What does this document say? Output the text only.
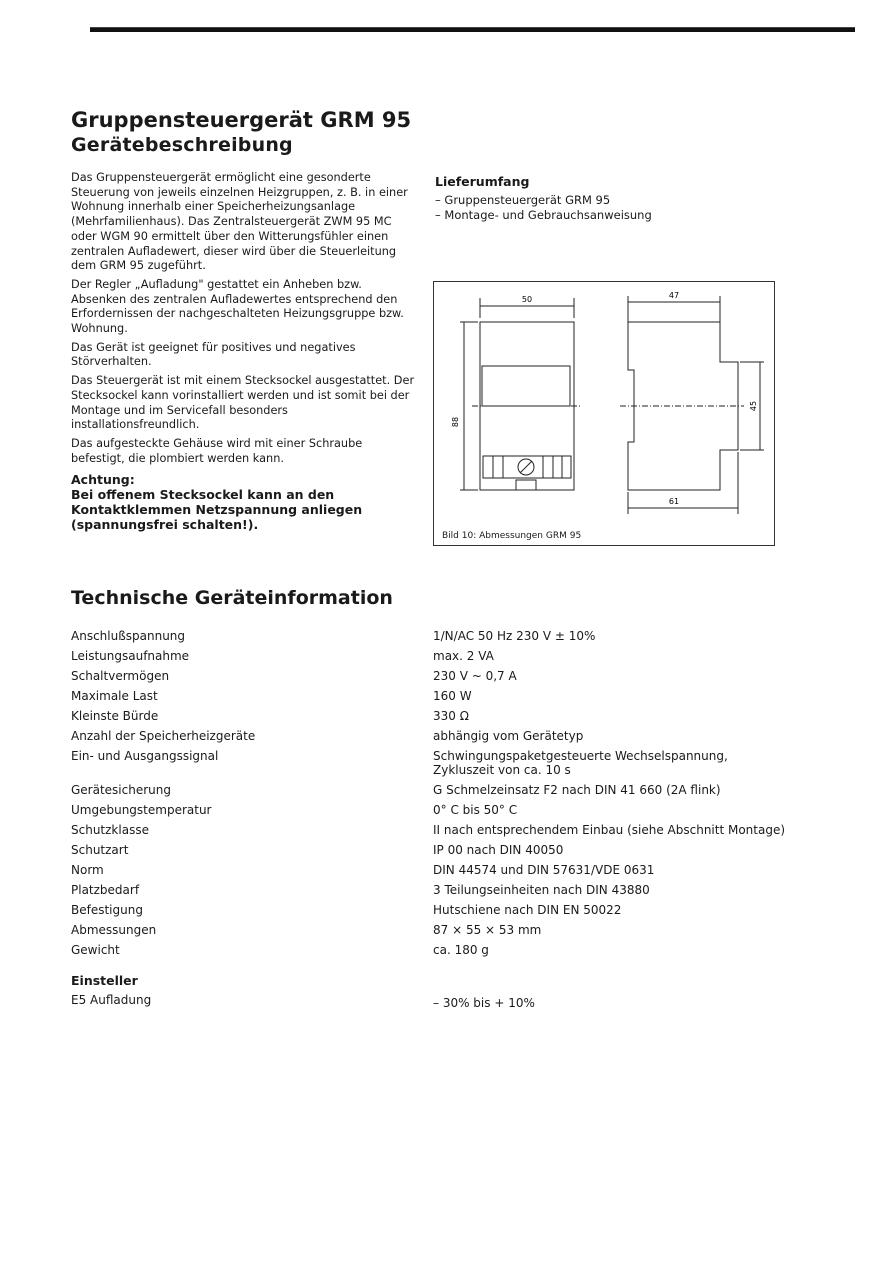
Gruppensteuergerät GRM 95
Gerätebeschreibung

Das Gruppensteuergerät ermöglicht eine gesonderte Steuerung von jeweils einzelnen Heizgruppen, z. B. in einer Wohnung innerhalb einer Speicherheizungsanlage (Mehrfamilienhaus). Das Zentralsteuergerät ZWM 95 MC oder WGM 90 ermittelt über den Witterungsfühler einen zentralen Aufladewert, dieser wird über die Steuerleitung dem GRM 95 zugeführt.

Der Regler „Aufladung" gestattet ein Anheben bzw. Absenken des zentralen Aufladewertes entsprechend den Erfordernissen der nachgeschalteten Heizungsgruppe bzw. Wohnung.

Das Gerät ist geeignet für positives und negatives Störverhalten.

Das Steuergerät ist mit einem Stecksockel ausgestattet. Der Stecksockel kann vorinstalliert werden und ist somit bei der Montage und im Servicefall besonders installationsfreundlich.

Das aufgesteckte Gehäuse wird mit einer Schraube befestigt, die plombiert werden kann.

Achtung:

Bei offenem Stecksockel kann an den Kontaktklemmen Netzspannung anliegen (spannungsfrei schalten!).

Lieferumfang
– Gruppensteuergerät GRM 95
– Montage- und Gebrauchsanweisung
50
88
47
45
61
Bild 10: Abmessungen GRM 95
Technische Geräteinformation
Anschlußspannung	1/N/AC 50 Hz 230 V ± 10%
Leistungsaufnahme	max. 2 VA
Schaltvermögen	230 V ~ 0,7 A
Maximale Last	160 W
Kleinste Bürde	330 Ω
Anzahl der Speicherheizgeräte	abhängig vom Gerätetyp
Ein- und Ausgangssignal	Schwingungspaketgesteuerte Wechselspannung,
Zykluszeit von ca. 10 s
Gerätesicherung	G Schmelzeinsatz F2 nach DIN 41 660 (2A flink)
Umgebungstemperatur	0° C bis 50° C
Schutzklasse	II nach entsprechendem Einbau (siehe Abschnitt Montage)
Schutzart	IP 00 nach DIN 40050
Norm	DIN 44574 und DIN 57631/VDE 0631
Platzbedarf	3 Teilungseinheiten nach DIN 43880
Befestigung	Hutschiene nach DIN EN 50022
Abmessungen	87 × 55 × 53 mm
Gewicht	ca. 180 g
Einsteller
E5 Aufladung	– 30% bis + 10%
